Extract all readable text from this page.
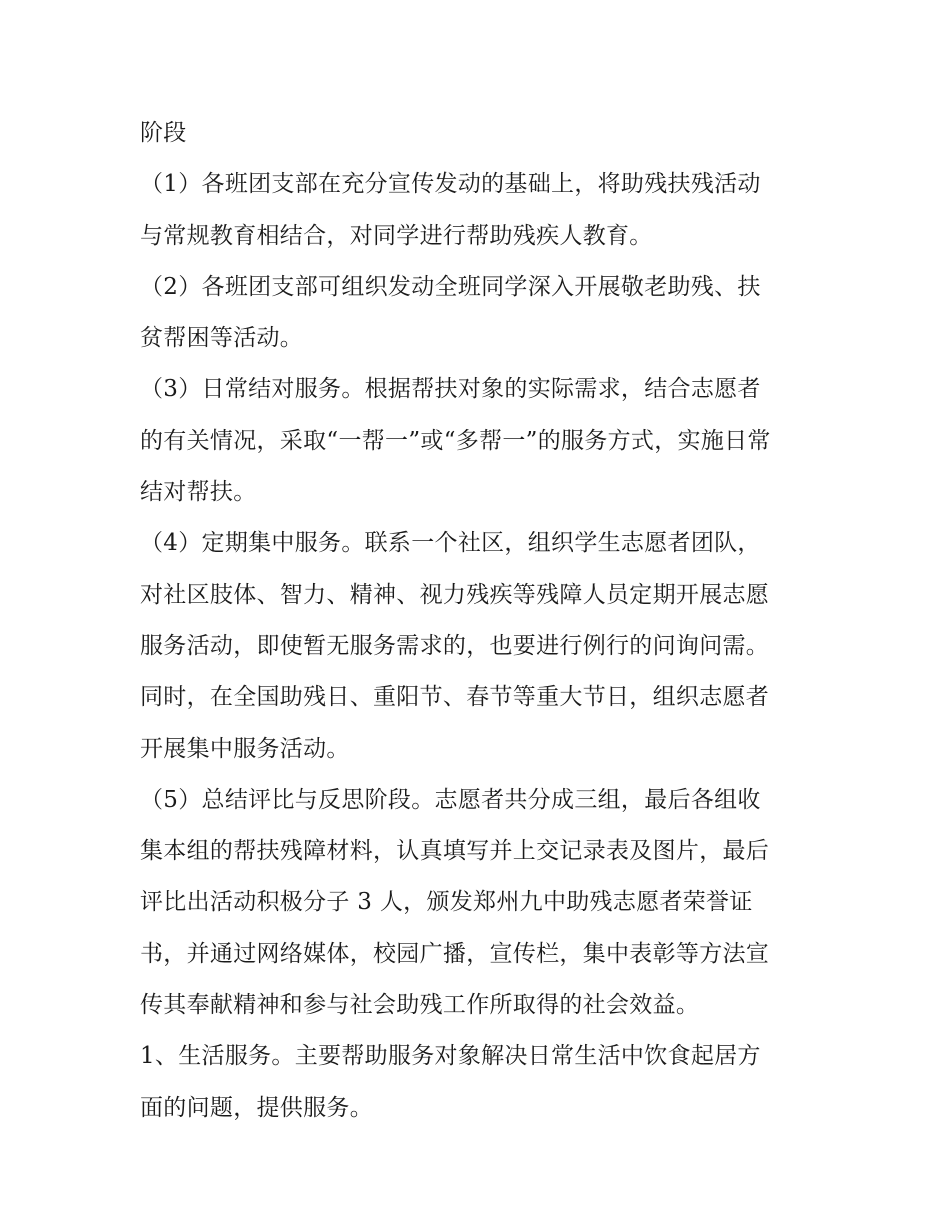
阶段
（1）各班团支部在充分宣传发动的基础上，将助残扶残活动
与常规教育相结合，对同学进行帮助残疾人教育。
（2）各班团支部可组织发动全班同学深入开展敬老助残、扶
贫帮困等活动。
（3）日常结对服务。根据帮扶对象的实际需求，结合志愿者
的有关情况，采取“一帮一”或“多帮一”的服务方式，实施日常
结对帮扶。
（4）定期集中服务。联系一个社区，组织学生志愿者团队，
对社区肢体、智力、精神、视力残疾等残障人员定期开展志愿
服务活动，即使暂无服务需求的，也要进行例行的问询问需。
同时，在全国助残日、重阳节、春节等重大节日，组织志愿者
开展集中服务活动。
（5）总结评比与反思阶段。志愿者共分成三组，最后各组收
集本组的帮扶残障材料，认真填写并上交记录表及图片，最后
评比出活动积极分子 3 人，颁发郑州九中助残志愿者荣誉证
书，并通过网络媒体，校园广播，宣传栏，集中表彰等方法宣
传其奉献精神和参与社会助残工作所取得的社会效益。
1、生活服务。主要帮助服务对象解决日常生活中饮食起居方
面的问题，提供服务。
